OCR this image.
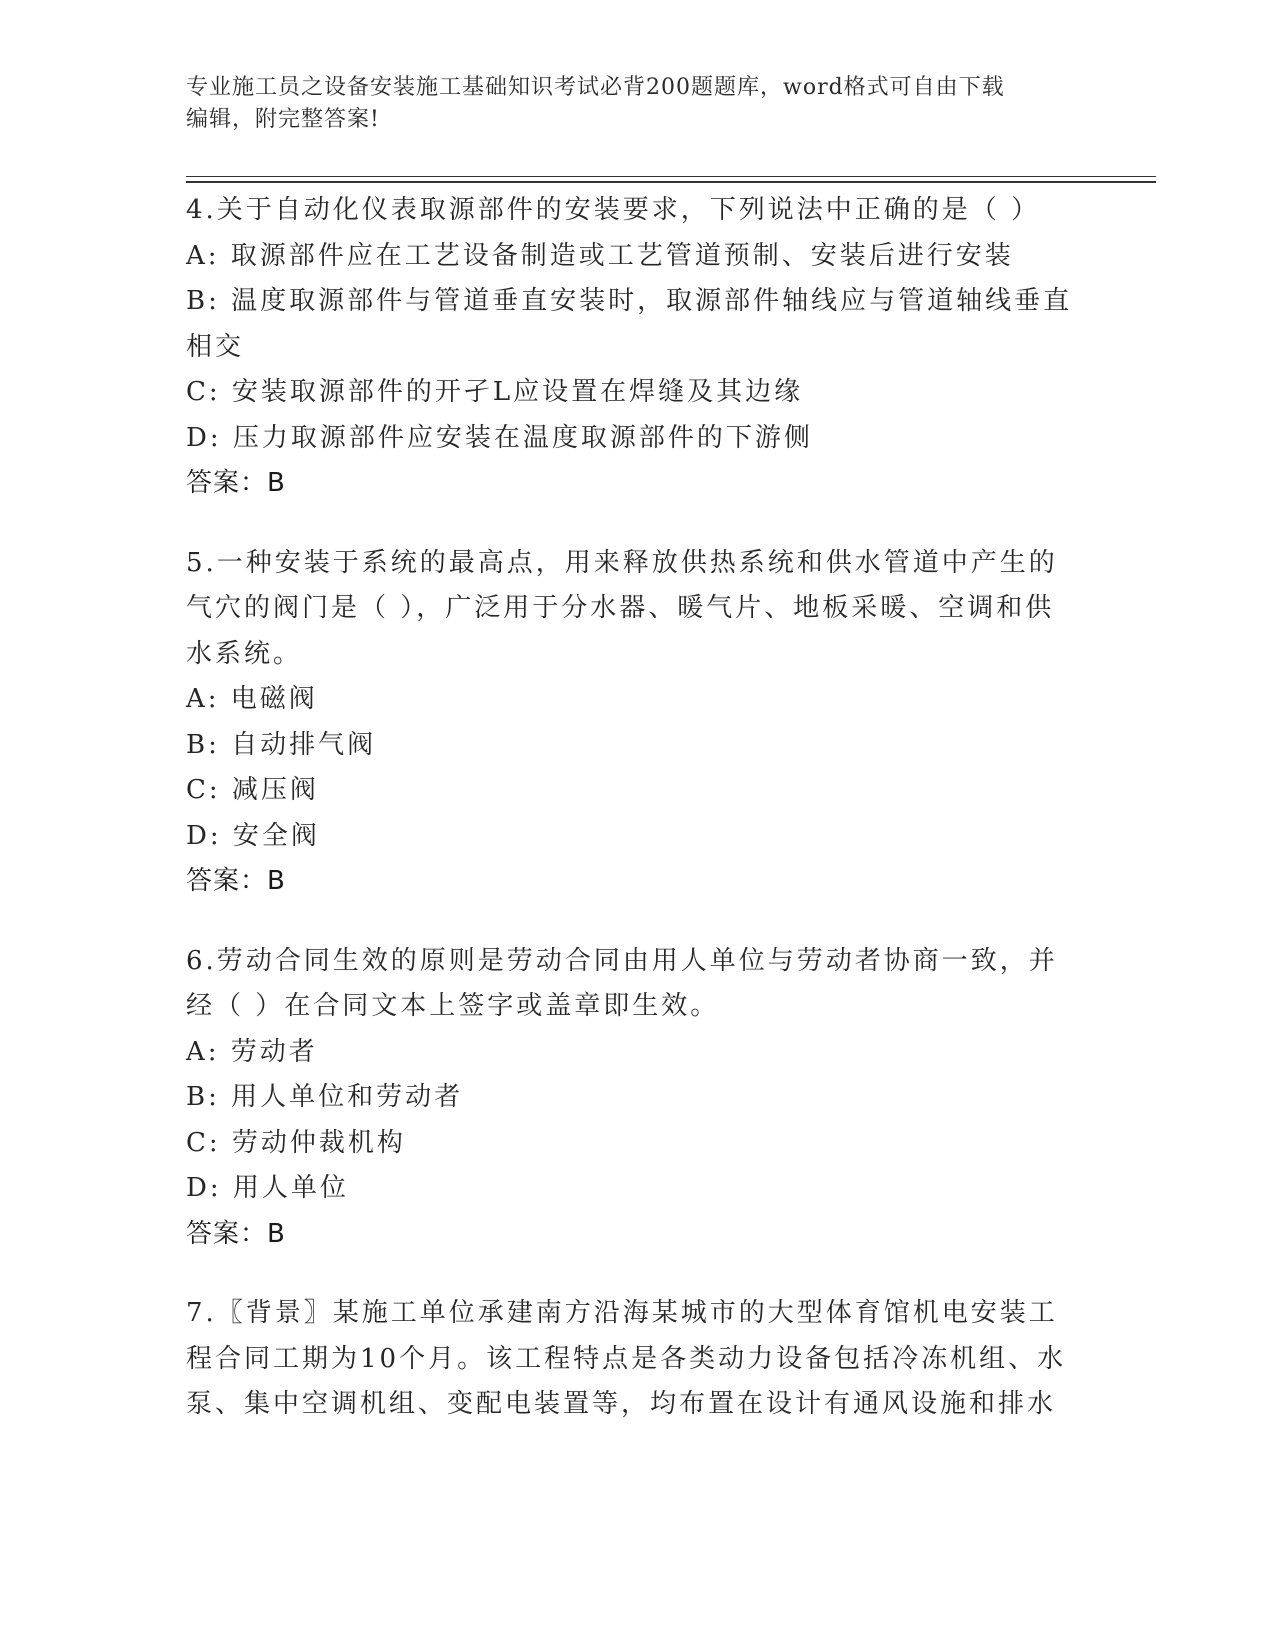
专业施工员之设备安装施工基础知识考试必背200题题库，word格式可自由下载
编辑，附完整答案!
4.关于自动化仪表取源部件的安装要求，下列说法中正确的是（ ）
A: 取源部件应在工艺设备制造或工艺管道预制、安装后进行安装
B: 温度取源部件与管道垂直安装时，取源部件轴线应与管道轴线垂直
相交
C: 安装取源部件的开孑L应设置在焊缝及其边缘
D: 压力取源部件应安装在温度取源部件的下游侧
答案：B
5.一种安装于系统的最高点，用来释放供热系统和供水管道中产生的
气穴的阀门是（ ），广泛用于分水器、暖气片、地板采暖、空调和供
水系统。
A: 电磁阀
B: 自动排气阀
C: 减压阀
D: 安全阀
答案：B
6.劳动合同生效的原则是劳动合同由用人单位与劳动者协商一致，并
经（ ）在合同文本上签字或盖章即生效。
A: 劳动者
B: 用人单位和劳动者
C: 劳动仲裁机构
D: 用人单位
答案：B
7.〖背景〗某施工单位承建南方沿海某城市的大型体育馆机电安装工
程合同工期为10个月。该工程特点是各类动力设备包括冷冻机组、水
泵、集中空调机组、变配电装置等，均布置在设计有通风设施和排水
